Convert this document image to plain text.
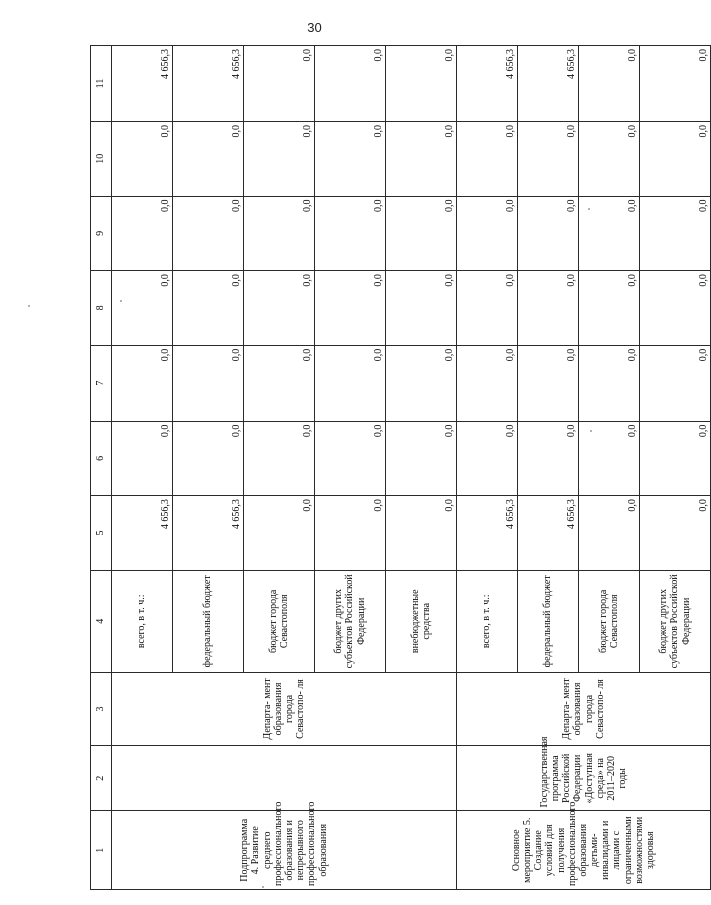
30
1	2	3	4	5	6	7	8	9	10	11
Подпрограмма 4. Развитие среднего профессионального образования и непрерывного профессионального образования		Департа- мент образования города Севастопо- ля	всего, в т. ч.:	4 656,3	0,0	0,0	0,0	0,0	0,0	4 656,3
			федеральный бюджет	4 656,3	0,0	0,0	0,0	0,0	0,0	4 656,3
			бюджет города Севастополя	0,0	0,0	0,0	0,0	0,0	0,0	0,0
			бюджет других субъектов Российской Федерации	0,0	0,0	0,0	0,0	0,0	0,0	0,0
			внебюджетные средства	0,0	0,0	0,0	0,0	0,0	0,0	0,0
Основное мероприятие 5. Создание условий для получения профессионального образования детьми-инвалидами и лицами с ограниченными возможностями здоровья	Государственная программа Российской Федерации «Доступная среда» на 2011–2020 годы	Департа- мент образования города Севастопо- ля	всего, в т. ч.:	4 656,3	0,0	0,0	0,0	0,0	0,0	4 656,3
			федеральный бюджет	4 656,3	0,0	0,0	0,0	0,0	0,0	4 656,3
			бюджет города Севастополя	0,0	0,0	0,0	0,0	0,0	0,0	0,0
			бюджет других субъектов Российской Федерации	0,0	0,0	0,0	0,0	0,0	0,0	0,0
